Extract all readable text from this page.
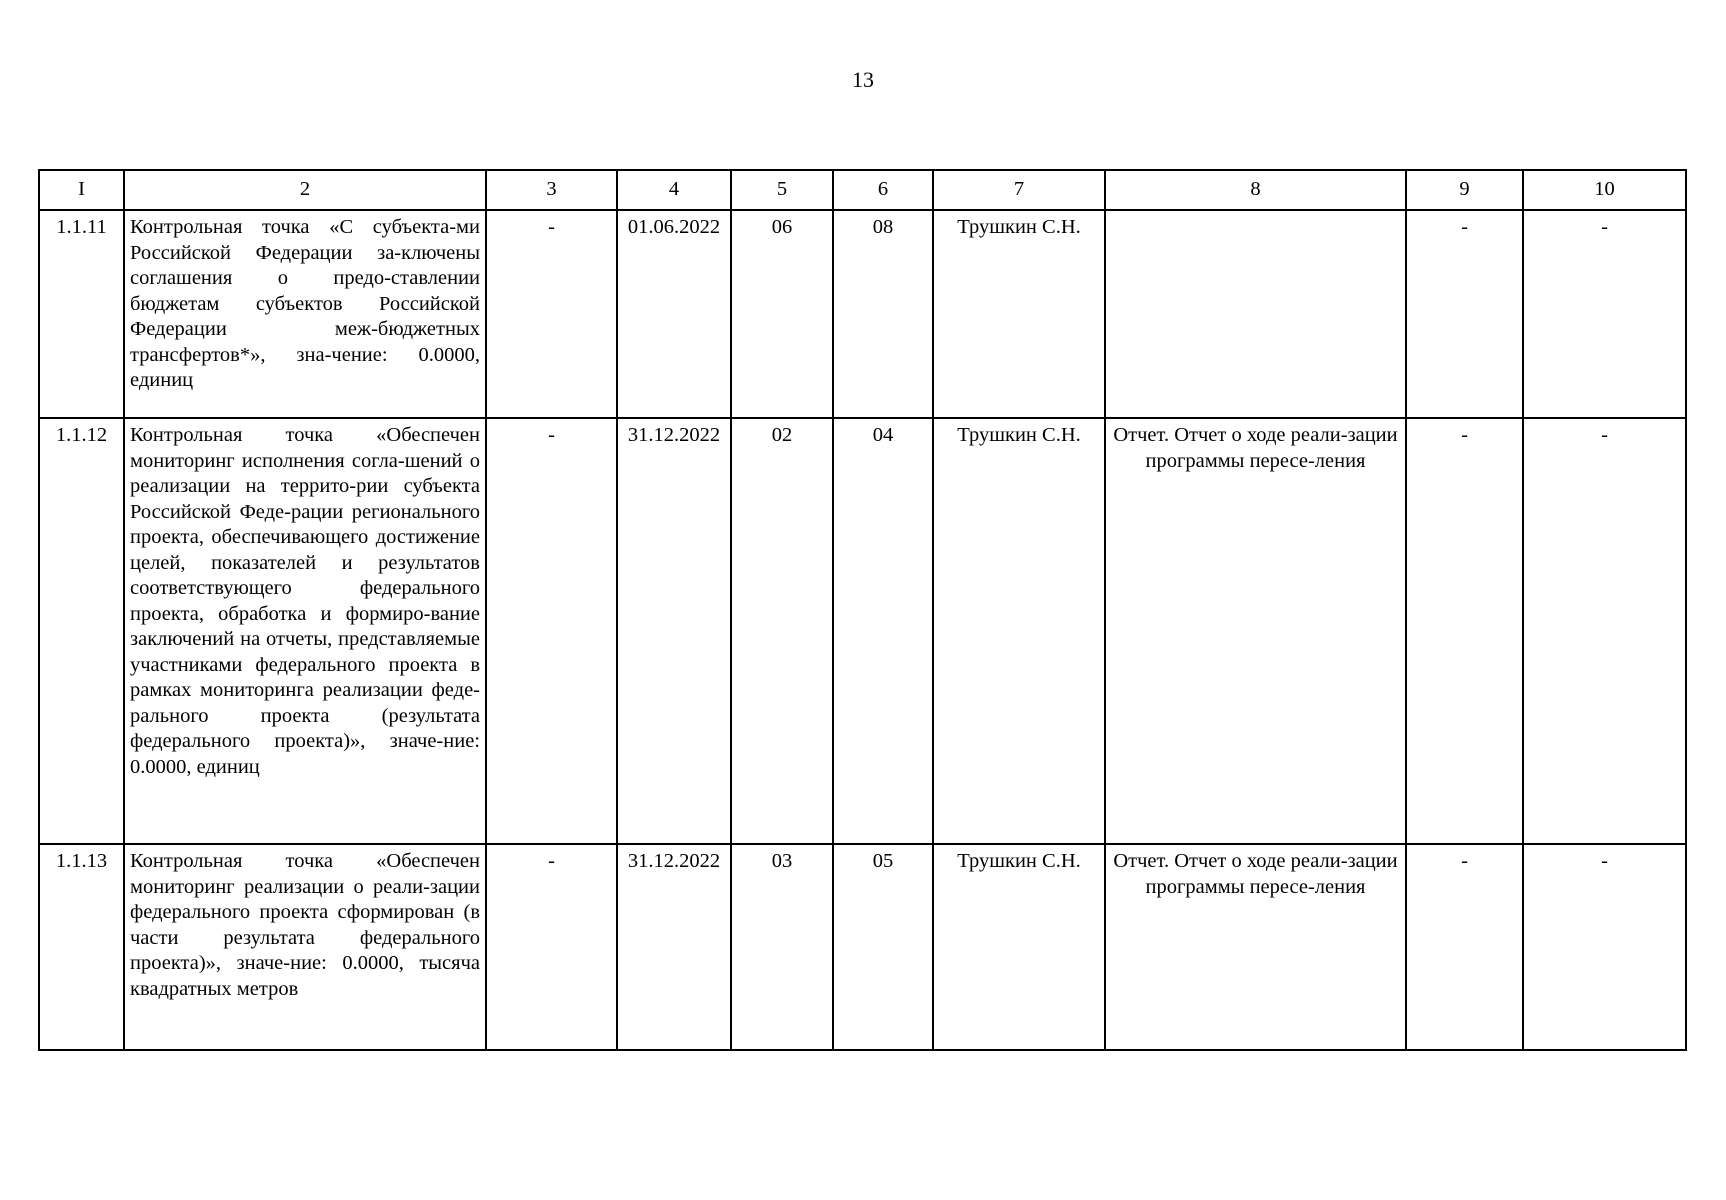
13
I	2	3	4	5	6	7	8	9	10
1.1.11	Контрольная точка «С субъекта-ми Российской Федерации за-ключены соглашения о предо-ставлении бюджетам субъектов Российской Федерации меж-бюджетных трансфертов*», зна-чение: 0.0000, единиц	-	01.06.2022	06	08	Трушкин С.Н.		-	-
1.1.12	Контрольная точка «Обеспечен мониторинг исполнения согла-шений о реализации на террито-рии субъекта Российской Феде-рации регионального проекта, обеспечивающего достижение целей, показателей и результатов соответствующего федерального проекта, обработка и формиро-вание заключений на отчеты, представляемые участниками федерального проекта в рамках мониторинга реализации феде-рального проекта (результата федерального проекта)», значе-ние: 0.0000, единиц	-	31.12.2022	02	04	Трушкин С.Н.	Отчет. Отчет о ходе реали-зации программы пересе-ления	-	-
1.1.13	Контрольная точка «Обеспечен мониторинг реализации о реали-зации федерального проекта сформирован (в части результата федерального проекта)», значе-ние: 0.0000, тысяча квадратных метров	-	31.12.2022	03	05	Трушкин С.Н.	Отчет. Отчет о ходе реали-зации программы пересе-ления	-	-
